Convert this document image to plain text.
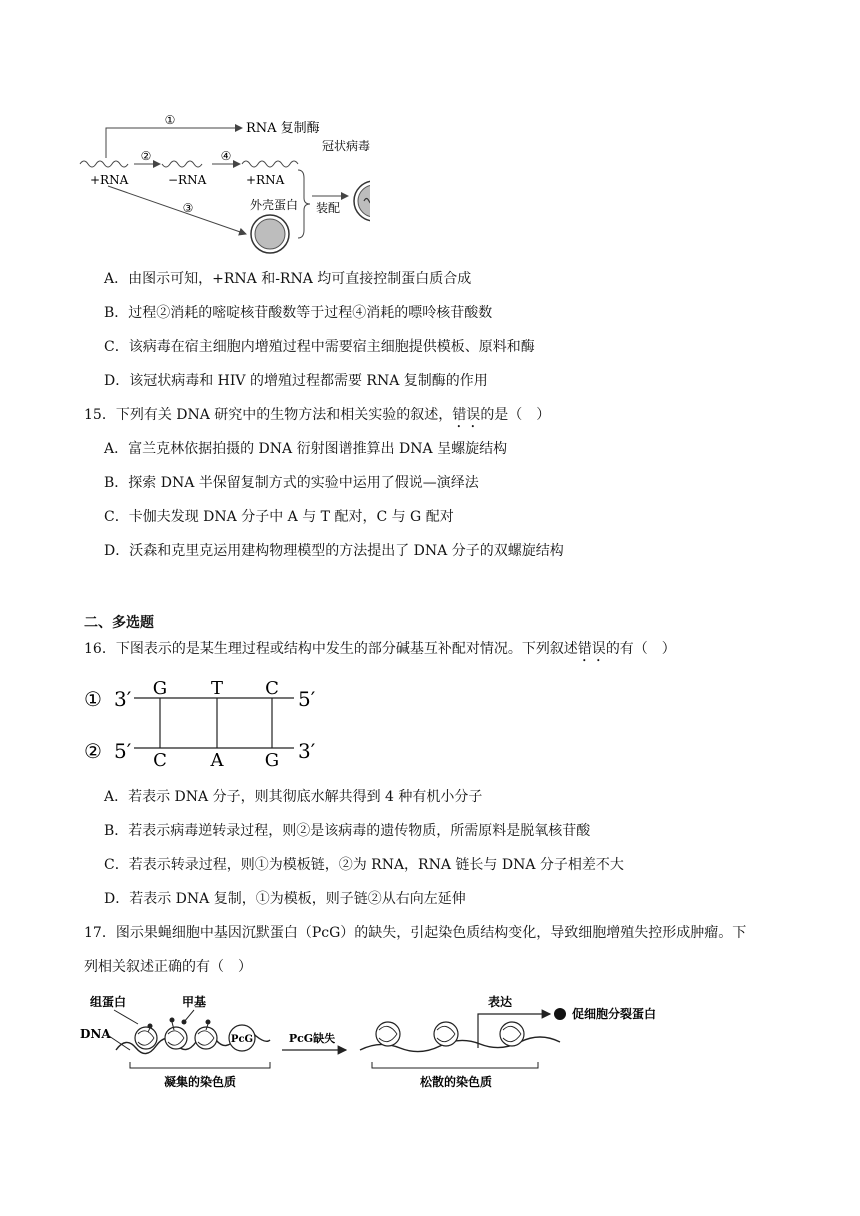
①
RNA 复制酶
②	④
+RNA	−RNA	+RNA
③	外壳蛋白 装配
冠状病毒
A．由图示可知，+RNA 和-RNA 均可直接控制蛋白质合成
B．过程②消耗的嘧啶核苷酸数等于过程④消耗的嘌呤核苷酸数
C．该病毒在宿主细胞内增殖过程中需要宿主细胞提供模板、原料和酶
D．该冠状病毒和 HIV 的增殖过程都需要 RNA 复制酶的作用
15．下列有关 DNA 研究中的生物方法和相关实验的叙述，错误的是（　）
A．富兰克林依据拍摄的 DNA 衍射图谱推算出 DNA 呈螺旋结构
B．探索 DNA 半保留复制方式的实验中运用了假说—演绎法
C．卡伽夫发现 DNA 分子中 A 与 T 配对，C 与 G 配对
D．沃森和克里克运用建构物理模型的方法提出了 DNA 分子的双螺旋结构
二、多选题
16．下图表示的是某生理过程或结构中发生的部分碱基互补配对情况。下列叙述错误的有（　）
① 3′	5′
② 5′	3′
G T C
C A G
A．若表示 DNA 分子，则其彻底水解共得到 4 种有机小分子
B．若表示病毒逆转录过程，则②是该病毒的遗传物质，所需原料是脱氧核苷酸
C．若表示转录过程，则①为模板链，②为 RNA，RNA 链长与 DNA 分子相差不大
D．若表示 DNA 复制，①为模板，则子链②从右向左延伸
17．图示果蝇细胞中基因沉默蛋白（PcG）的缺失，引起染色质结构变化，导致细胞增殖失控形成肿瘤。下
列相关叙述正确的有（　）
组蛋白	甲基
DNA	PcG
凝集的染色质
PcG缺失
表达
促细胞分裂蛋白
松散的染色质
